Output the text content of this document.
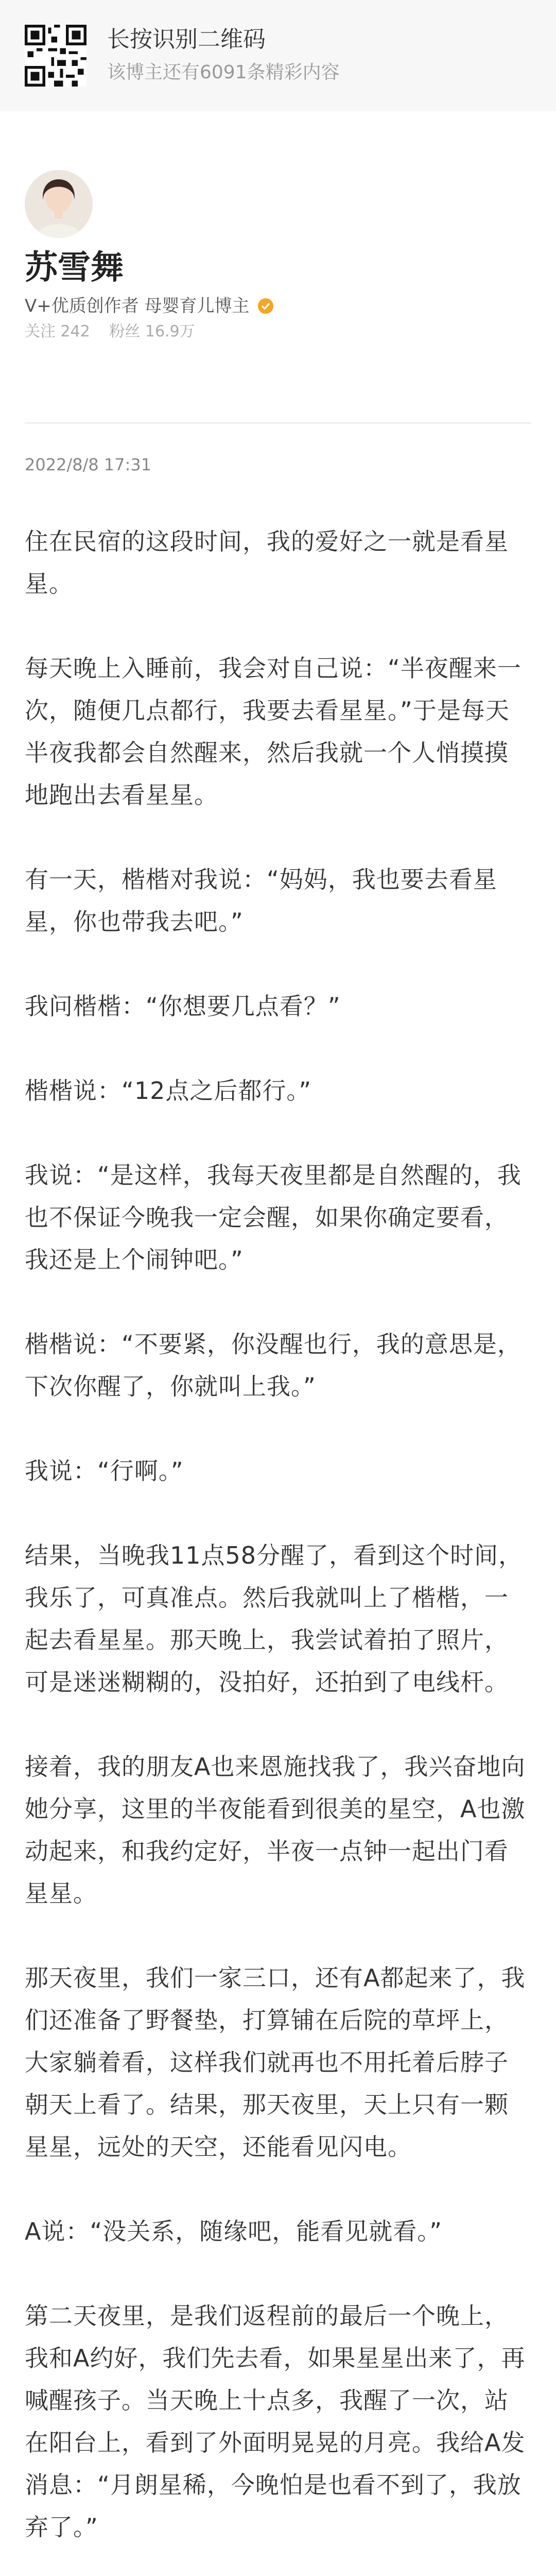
长按识别二维码
该博主还有6091条精彩内容
苏雪舞
V+优质创作者 母婴育儿博主
关注 242 粉丝 16.9万
2022/8/8 17:31

住在民宿的这段时间，我的爱好之一就是看星星。

每天晚上入睡前，我会对自己说：“半夜醒来一次，随便几点都行，我要去看星星。”于是每天半夜我都会自然醒来，然后我就一个人悄摸摸地跑出去看星星。

有一天，楷楷对我说：“妈妈，我也要去看星星，你也带我去吧。”

我问楷楷：“你想要几点看？”

楷楷说：“12点之后都行。”

我说：“是这样，我每天夜里都是自然醒的，我也不保证今晚我一定会醒，如果你确定要看，我还是上个闹钟吧。”

楷楷说：“不要紧，你没醒也行，我的意思是，下次你醒了，你就叫上我。”

我说：“行啊。”

结果，当晚我11点58分醒了，看到这个时间，我乐了，可真准点。然后我就叫上了楷楷，一起去看星星。那天晚上，我尝试着拍了照片，可是迷迷糊糊的，没拍好，还拍到了电线杆。

接着，我的朋友A也来恩施找我了，我兴奋地向她分享，这里的半夜能看到很美的星空，A也激动起来，和我约定好，半夜一点钟一起出门看星星。

那天夜里，我们一家三口，还有A都起来了，我们还准备了野餐垫，打算铺在后院的草坪上，大家躺着看，这样我们就再也不用托着后脖子朝天上看了。结果，那天夜里，天上只有一颗星星，远处的天空，还能看见闪电。

A说：“没关系，随缘吧，能看见就看。”

第二天夜里，是我们返程前的最后一个晚上，我和A约好，我们先去看，如果星星出来了，再喊醒孩子。当天晚上十点多，我醒了一次，站在阳台上，看到了外面明晃晃的月亮。我给A发消息：“月朗星稀，今晚怕是也看不到了，我放弃了。”
